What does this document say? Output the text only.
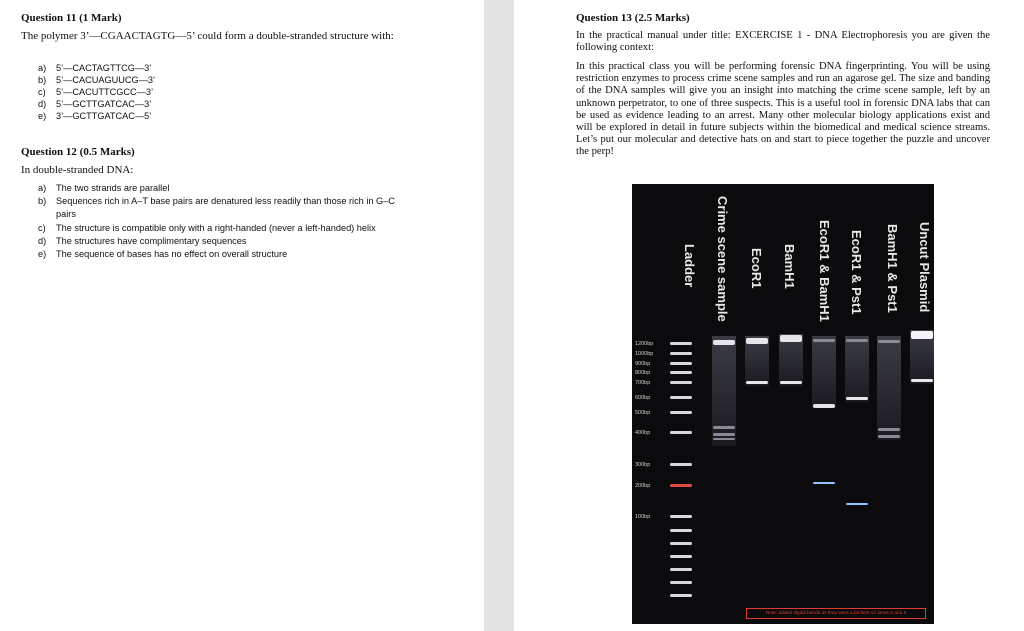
Question 11 (1 Mark)
The polymer 3’—CGAACTAGTG—5’ could form a double-stranded structure with:
a) 5’—CACTAGTTCG—3’
b) 5’—CACUAGUUCG—3’
c) 5’—CACUTTCGCC—3’
d) 5’—GCTTGATCAC—3’
e) 3’—GCTTGATCAC—5’
Question 12 (0.5 Marks)
In double-stranded DNA:
a) The two strands are parallel
b) Sequences rich in A–T base pairs are denatured less readily than those rich in G–C
pairs
c) The structure is compatible only with a right-handed (never a left-handed) helix
d) The structures have complimentary sequences
e) The sequence of bases has no effect on overall structure
Question 13 (2.5 Marks)
In the practical manual under title: EXCERCISE 1 - DNA Electrophoresis you are given the following context:
In this practical class you will be performing forensic DNA fingerprinting. You will be using restriction enzymes to process crime scene samples and run an agarose gel. The size and banding of the DNA samples will give you an insight into matching the crime scene sample, left by an unknown perpetrator, to one of three suspects. This is a useful tool in forensic DNA labs that can be used as evidence leading to an arrest. Many other molecular biology applications exist and will be explored in detail in future subjects within the biomedical and medical science streams. Let’s put our molecular and detective hats on and start to piece together the puzzle and uncover the perp!
Ladder Crime scene sample EcoR1 BamH1 EcoR1 & BamH1 EcoR1 & Pst1 BamH1 & Pst1 Uncut Plasmid
1200bp
1000bp
900bp
800bp
700bp
600bp
500bp
400bp
300bp
200bp
100bp
Note: added digital bands as they were a bit faint on lanes 5 and 6
